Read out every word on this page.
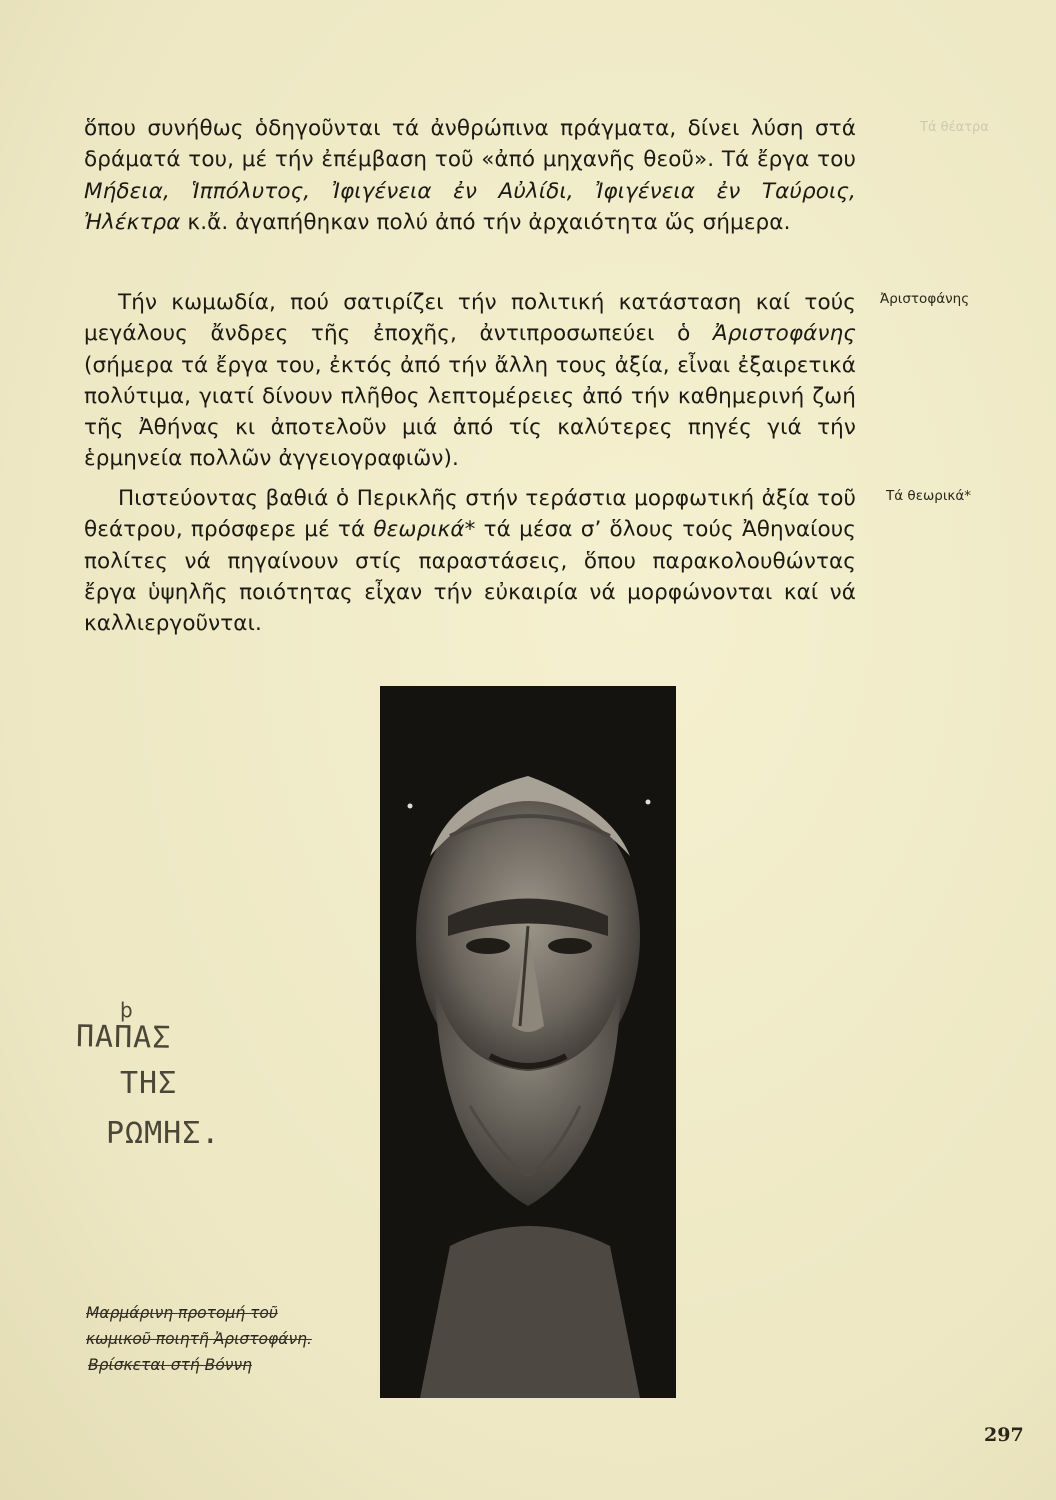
Τά θέατρα
ὅπου συνήθως ὁδηγοῦνται τά ἀνθρώπινα πράγματα, δίνει λύση στά δράματά του, μέ τήν ἐπέμβαση τοῦ «ἀπό μηχανῆς θεοῦ». Τά ἔργα του Μήδεια, Ἱππόλυτος, Ἰφιγένεια ἐν Αὐλίδι, Ἰφιγένεια ἐν Ταύροις, Ἠλέκτρα κ.ἄ. ἀγαπήθηκαν πολύ ἀπό τήν ἀρχαιότητα ὥς σήμερα.
Τήν κωμωδία, πού σατιρίζει τήν πολιτική κατάσταση καί τούς μεγάλους ἄνδρες τῆς ἐποχῆς, ἀντιπροσωπεύει ὁ Ἀριστοφάνης (σήμερα τά ἔργα του, ἐκτός ἀπό τήν ἄλλη τους ἀξία, εἶναι ἐξαιρετικά πολύτιμα, γιατί δίνουν πλῆθος λεπτομέρειες ἀπό τήν καθημερινή ζωή τῆς Ἀθήνας κι ἀποτελοῦν μιά ἀπό τίς καλύτερες πηγές γιά τήν ἑρμηνεία πολλῶν ἀγγειογραφιῶν).
Πιστεύοντας βαθιά ὁ Περικλῆς στήν τεράστια μορφωτική ἀξία τοῦ θεάτρου, πρόσφερε μέ τά θεωρικά* τά μέσα σ’ ὅλους τούς Ἀθηναίους πολίτες νά πηγαίνουν στίς παραστάσεις, ὅπου παρακολουθώντας ἔργα ὑψηλῆς ποιότητας εἶχαν τήν εὐκαιρία νά μορφώνονται καί νά καλλιεργοῦνται.
Ἀριστοφάνης
Τά θεωρικά*
ϸ
ΠΑΠΑΣ
ΤΗΣ
ΡΩΜΗΣ.
Μαρμάρινη προτομή τοῦ
κωμικοῦ ποιητῆ Ἀριστοφάνη.
Βρίσκεται στή Βόννη
297
